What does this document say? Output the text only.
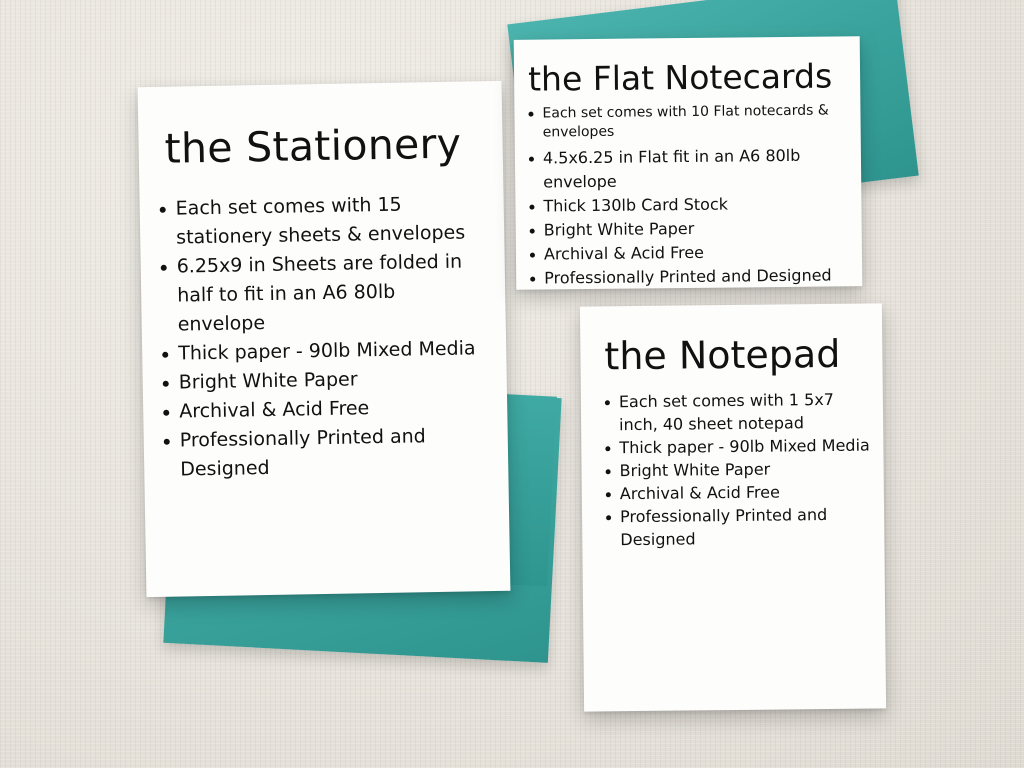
the Stationery
Each set comes with 15 stationery sheets & envelopes
6.25x9 in Sheets are folded in half to fit in an A6 80lb envelope
Thick paper - 90lb Mixed Media
Bright White Paper
Archival & Acid Free
Professionally Printed and Designed
the Flat Notecards
Each set comes with 10 Flat notecards & envelopes
4.5x6.25 in Flat fit in an A6 80lb envelope
Thick 130lb Card Stock
Bright White Paper
Archival & Acid Free
Professionally Printed and Designed
the Notepad
Each set comes with 1 5x7 inch, 40 sheet notepad
Thick paper - 90lb Mixed Media
Bright White Paper
Archival & Acid Free
Professionally Printed and Designed
